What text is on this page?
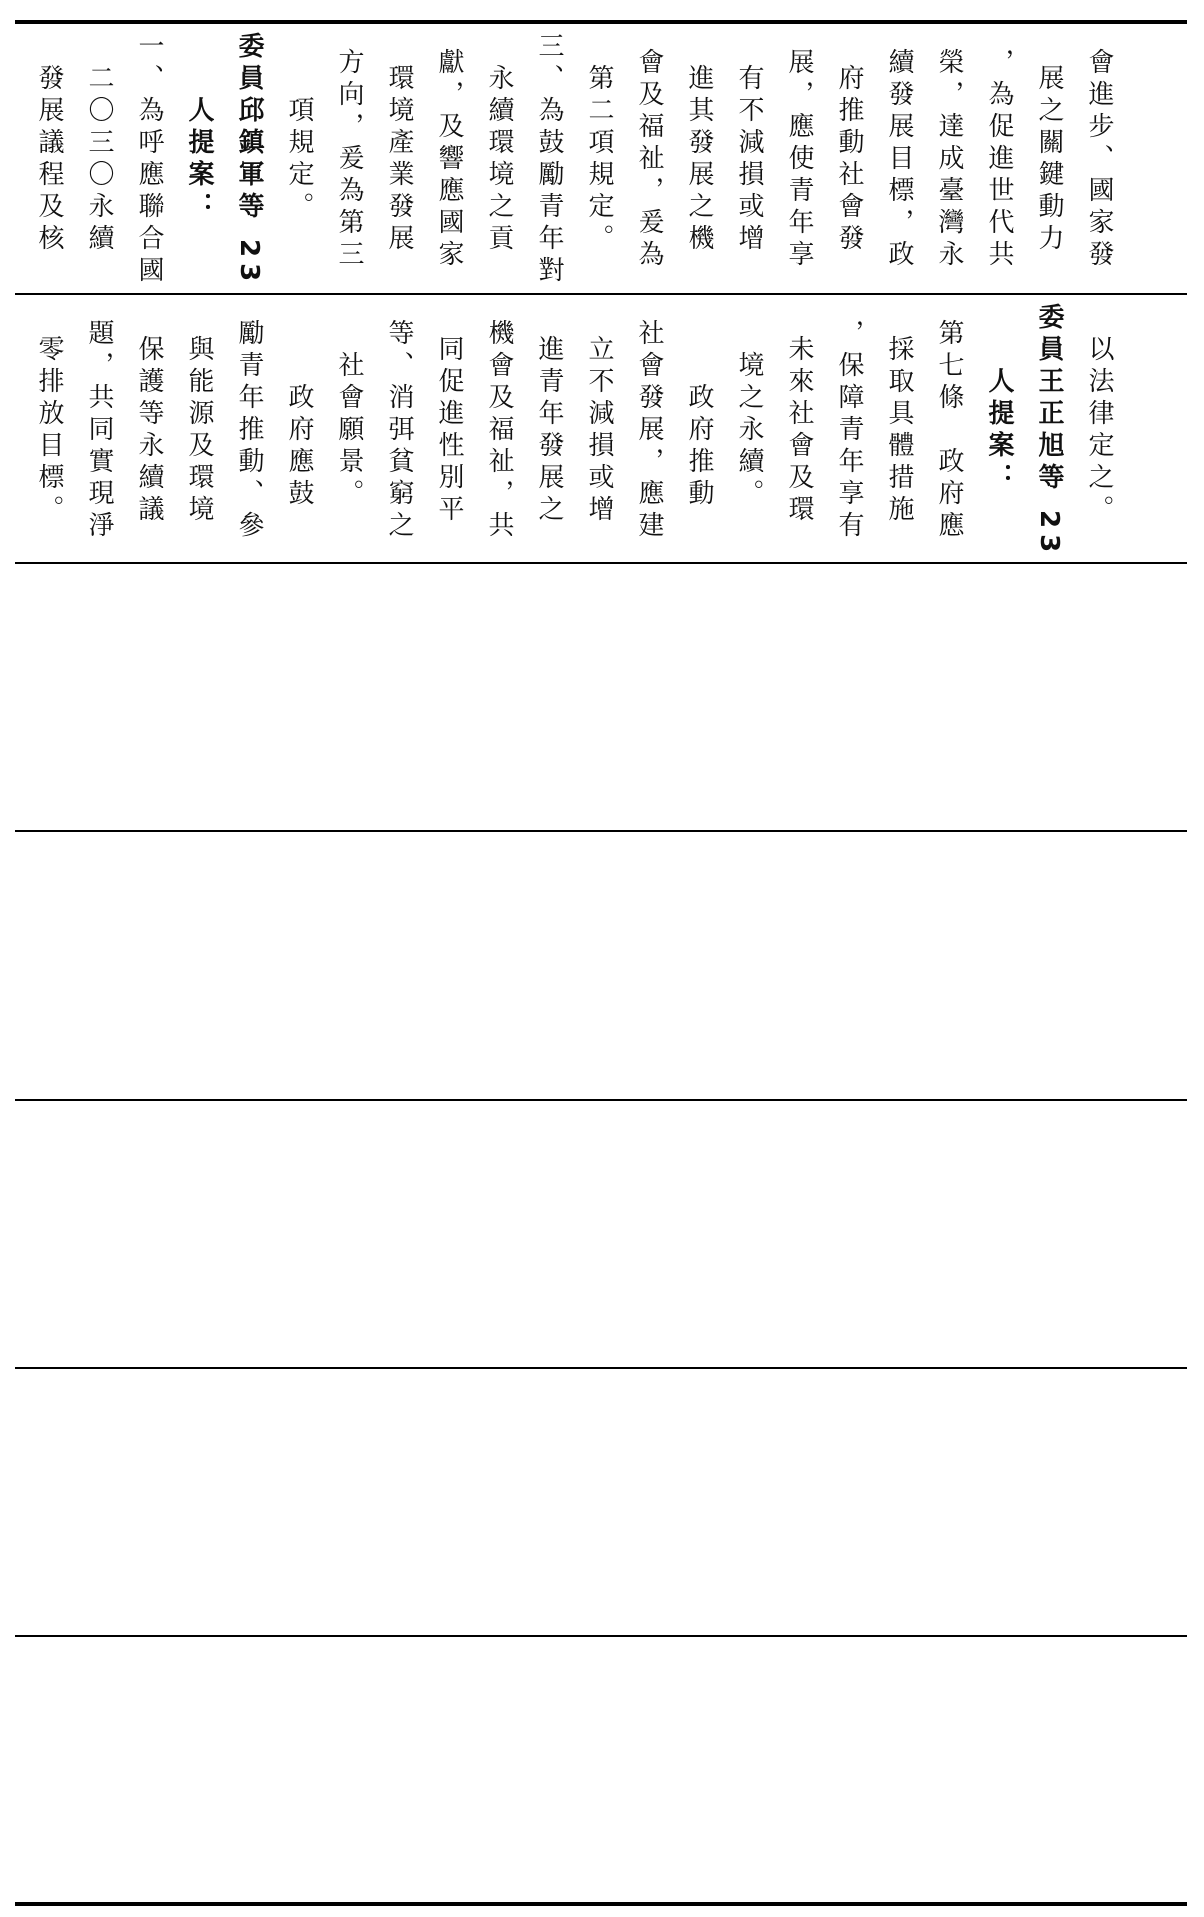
會進步、國家發
展之關鍵動力
，為促進世代共
榮，達成臺灣永
續發展目標，政
府推動社會發
展，應使青年享
有不減損或增
進其發展之機
會及福祉，爰為
第二項規定。
三、為鼓勵青年對
永續環境之貢
獻，及響應國家
環境產業發展
方向，爰為第三
項規定。
委員邱鎮軍等 23
人提案：
一、為呼應聯合國
二〇三〇永續
發展議程及核
以法律定之。
委員王正旭等 23
人提案：
第七條　政府應
採取具體措施
，保障青年享有
未來社會及環
境之永續。
　政府推動
社會發展，應建
立不減損或增
進青年發展之
機會及福祉，共
同促進性別平
等、消弭貧窮之
社會願景。
　政府應鼓
勵青年推動、參
與能源及環境
保護等永續議
題，共同實現淨
零排放目標。
